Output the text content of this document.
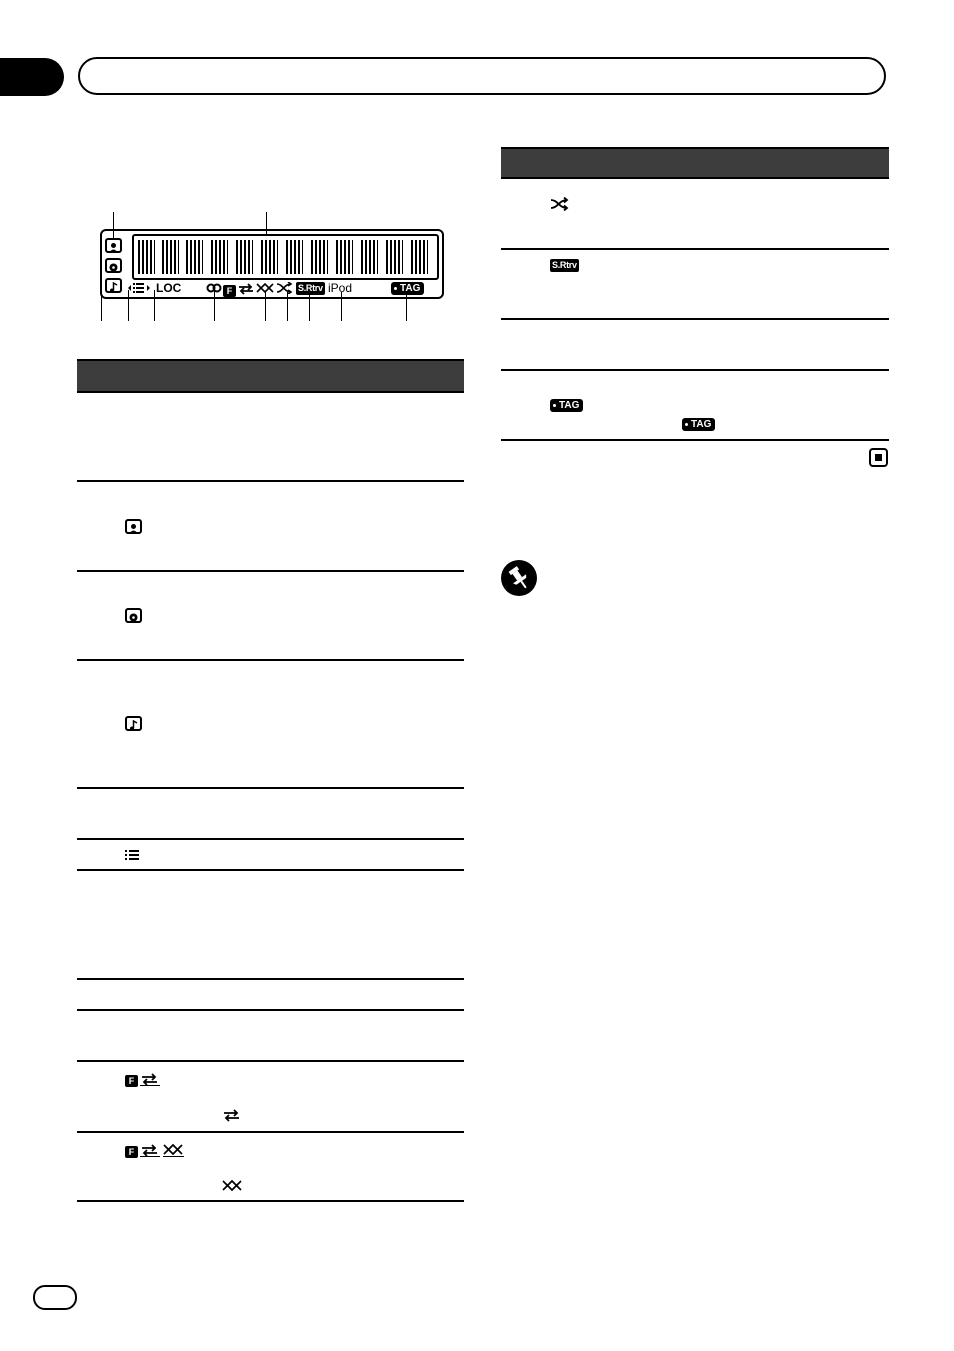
LOC	F	S.Rtrv iPod	TAG
F
F
S.Rtrv
TAG
TAG
